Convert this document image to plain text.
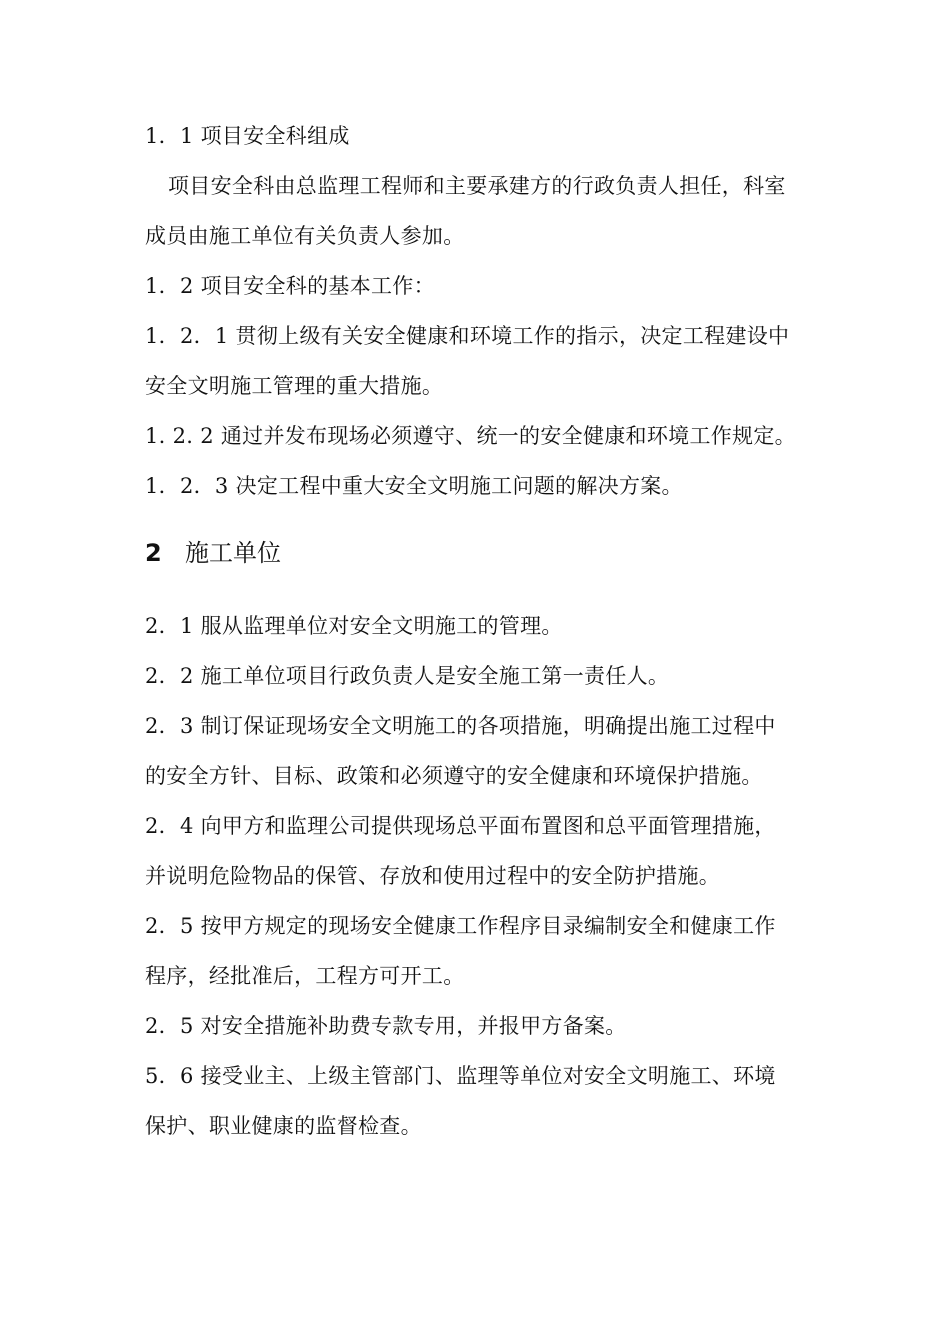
1．1 项目安全科组成
项目安全科由总监理工程师和主要承建方的行政负责人担任，科室
成员由施工单位有关负责人参加。
1．2 项目安全科的基本工作：
1．2．1 贯彻上级有关安全健康和环境工作的指示，决定工程建设中
安全文明施工管理的重大措施。
1. 2. 2 通过并发布现场必须遵守、统一的安全健康和环境工作规定。
1．2．3 决定工程中重大安全文明施工问题的解决方案。
2 施工单位
2．1 服从监理单位对安全文明施工的管理。
2．2 施工单位项目行政负责人是安全施工第一责任人。
2．3 制订保证现场安全文明施工的各项措施，明确提出施工过程中
的安全方针、目标、政策和必须遵守的安全健康和环境保护措施。
2．4 向甲方和监理公司提供现场总平面布置图和总平面管理措施，
并说明危险物品的保管、存放和使用过程中的安全防护措施。
2．5 按甲方规定的现场安全健康工作程序目录编制安全和健康工作
程序，经批准后，工程方可开工。
2．5 对安全措施补助费专款专用，并报甲方备案。
5．6 接受业主、上级主管部门、监理等单位对安全文明施工、环境
保护、职业健康的监督检查。
